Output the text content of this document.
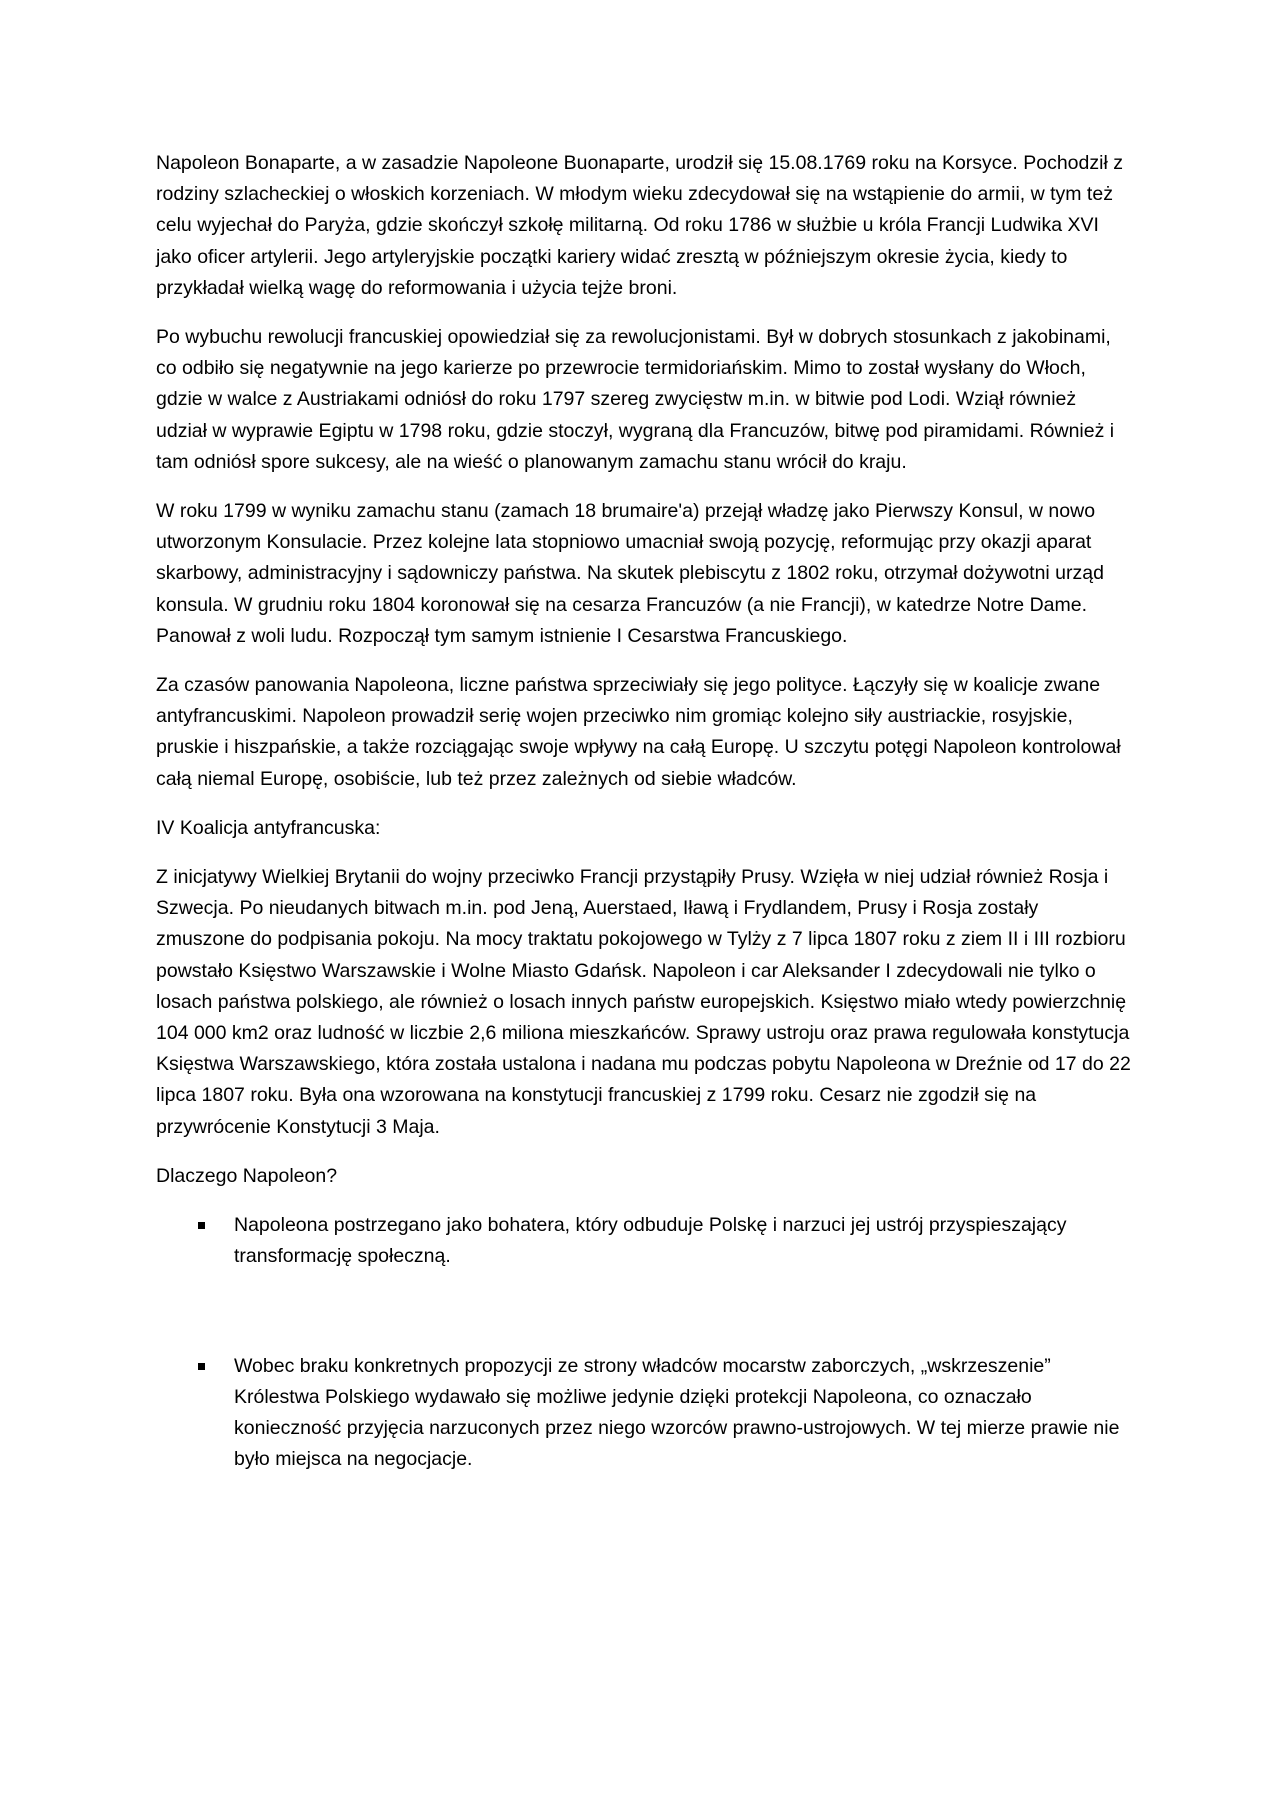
Napoleon Bonaparte, a w zasadzie Napoleone Buonaparte, urodził się 15.08.1769 roku na Korsyce. Pochodził z rodziny szlacheckiej o włoskich korzeniach. W młodym wieku zdecydował się na wstąpienie do armii, w tym też celu wyjechał do Paryża, gdzie skończył szkołę militarną. Od roku 1786 w służbie u króla Francji Ludwika XVI jako oficer artylerii. Jego artyleryjskie początki kariery widać zresztą w późniejszym okresie życia, kiedy to przykładał wielką wagę do reformowania i użycia tejże broni.

Po wybuchu rewolucji francuskiej opowiedział się za rewolucjonistami. Był w dobrych stosunkach z jakobinami, co odbiło się negatywnie na jego karierze po przewrocie termidoriańskim. Mimo to został wysłany do Włoch, gdzie w walce z Austriakami odniósł do roku 1797 szereg zwycięstw m.in. w bitwie pod Lodi. Wziął również udział w wyprawie Egiptu w 1798 roku, gdzie stoczył, wygraną dla Francuzów, bitwę pod piramidami. Również i tam odniósł spore sukcesy, ale na wieść o planowanym zamachu stanu wrócił do kraju.

W roku 1799 w wyniku zamachu stanu (zamach 18 brumaire'a) przejął władzę jako Pierwszy Konsul, w nowo utworzonym Konsulacie. Przez kolejne lata stopniowo umacniał swoją pozycję, reformując przy okazji aparat skarbowy, administracyjny i sądowniczy państwa. Na skutek plebiscytu z 1802 roku, otrzymał dożywotni urząd konsula. W grudniu roku 1804 koronował się na cesarza Francuzów (a nie Francji), w katedrze Notre Dame. Panował z woli ludu. Rozpoczął tym samym istnienie I Cesarstwa Francuskiego.

Za czasów panowania Napoleona, liczne państwa sprzeciwiały się jego polityce. Łączyły się w koalicje zwane antyfrancuskimi. Napoleon prowadził serię wojen przeciwko nim gromiąc kolejno siły austriackie, rosyjskie, pruskie i hiszpańskie, a także rozciągając swoje wpływy na całą Europę. U szczytu potęgi Napoleon kontrolował całą niemal Europę, osobiście, lub też przez zależnych od siebie władców.

IV Koalicja antyfrancuska:

Z inicjatywy Wielkiej Brytanii do wojny przeciwko Francji przystąpiły Prusy. Wzięła w niej udział również Rosja i Szwecja. Po nieudanych bitwach m.in. pod Jeną, Auerstaed, Iławą i Frydlandem, Prusy i Rosja zostały zmuszone do podpisania pokoju. Na mocy traktatu pokojowego w Tylży z 7 lipca 1807 roku z ziem II i III rozbioru powstało Księstwo Warszawskie i Wolne Miasto Gdańsk. Napoleon i car Aleksander I zdecydowali nie tylko o losach państwa polskiego, ale również o losach innych państw europejskich. Księstwo miało wtedy powierzchnię 104 000 km2 oraz ludność w liczbie 2,6 miliona mieszkańców. Sprawy ustroju oraz prawa regulowała konstytucja Księstwa Warszawskiego, która została ustalona i nadana mu podczas pobytu Napoleona w Dreźnie od 17 do 22 lipca 1807 roku. Była ona wzorowana na konstytucji francuskiej z 1799 roku. Cesarz nie zgodził się na przywrócenie Konstytucji 3 Maja.

Dlaczego Napoleon?

Napoleona postrzegano jako bohatera, który odbuduje Polskę i narzuci jej ustrój przyspieszający transformację społeczną.
Wobec braku konkretnych propozycji ze strony władców mocarstw zaborczych, „wskrzeszenie” Królestwa Polskiego wydawało się możliwe jedynie dzięki protekcji Napoleona, co oznaczało konieczność przyjęcia narzuconych przez niego wzorców prawno-ustrojowych. W tej mierze prawie nie było miejsca na negocjacje.
